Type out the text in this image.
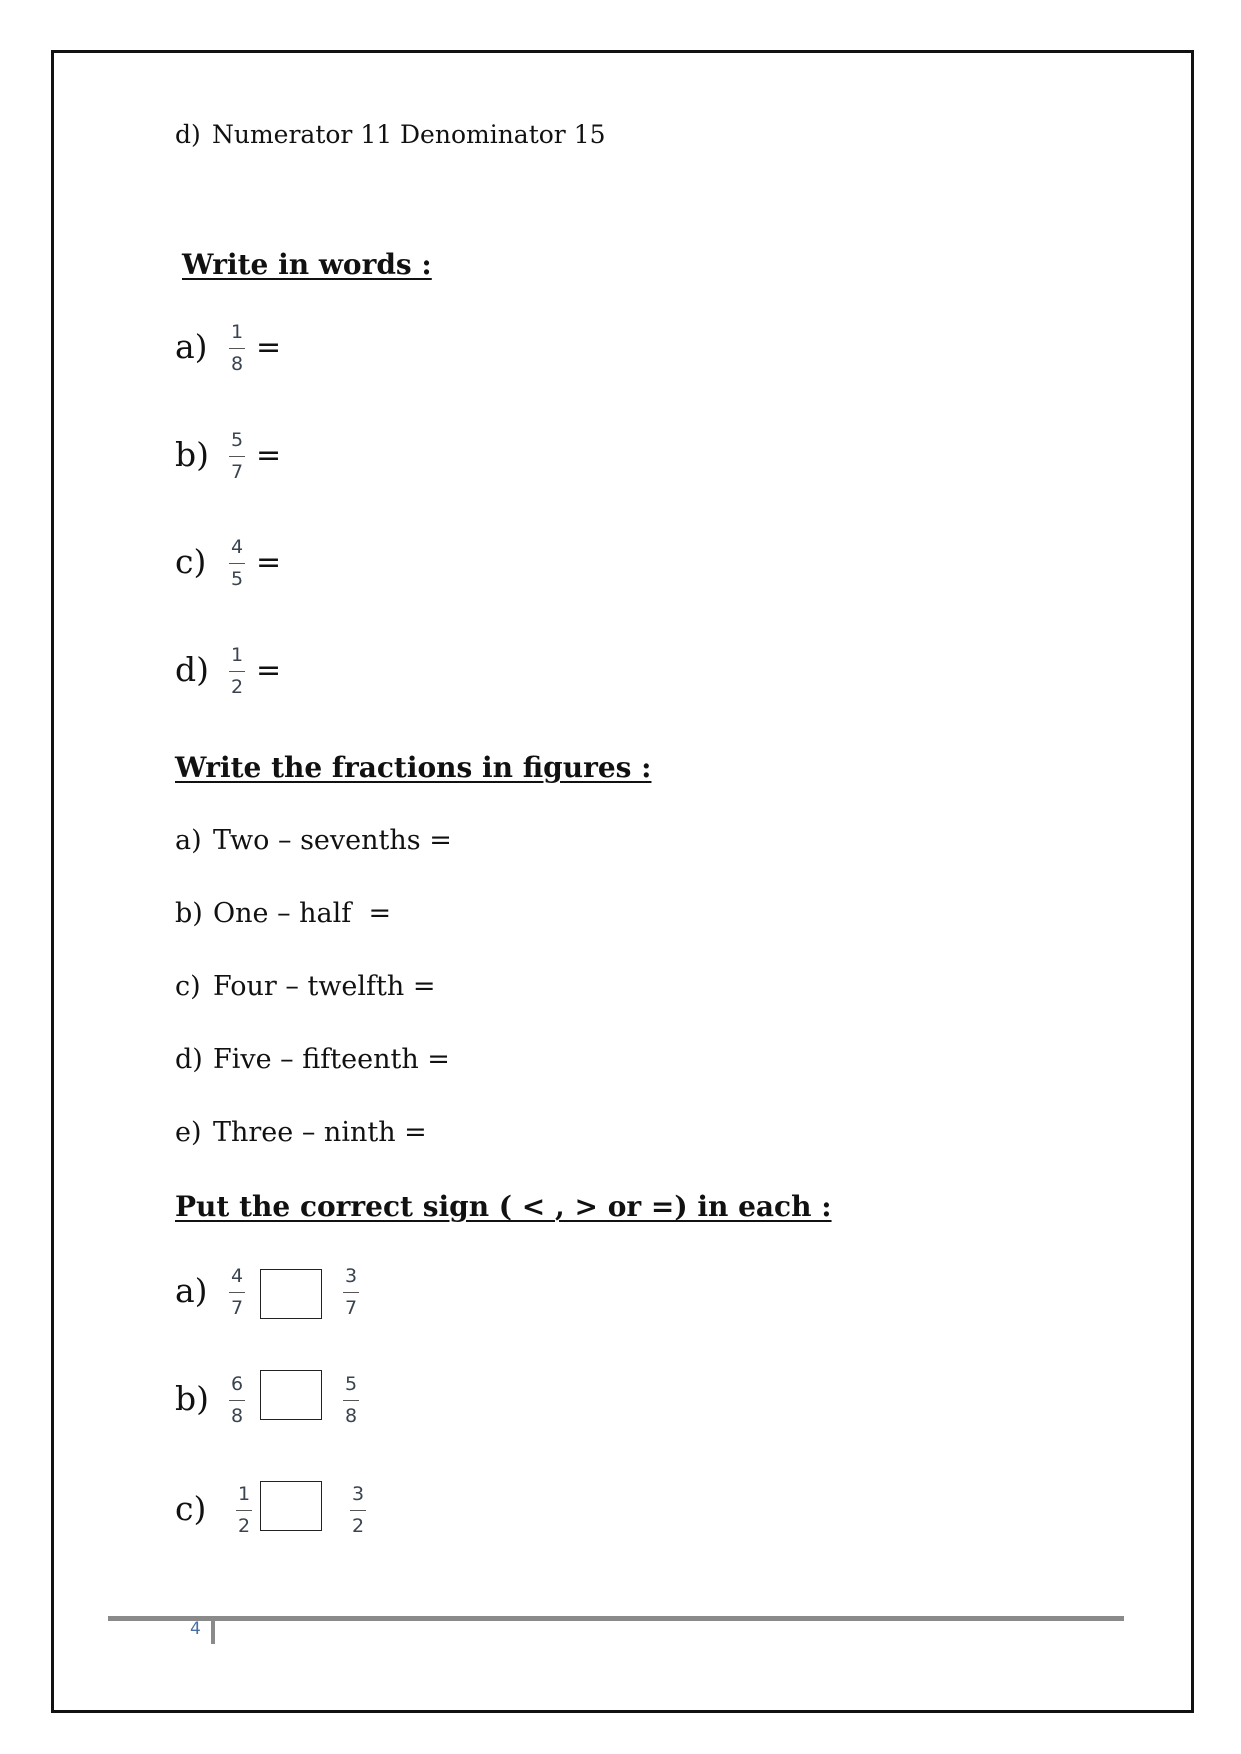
d) Numerator 11 Denominator 15
Write in words :
a) 1
8 =
b) 5
7 =
c) 4
5 =
d) 1
2 =
Write the fractions in figures :
a) Two – sevenths =
b) One – half  =
c) Four – twelfth =
d) Five – fifteenth =
e) Three – ninth =
Put the correct sign ( < , > or =) in each :
a) 4
7
3
7
b) 6
8
5
8
c) 1
2
3
2
4
